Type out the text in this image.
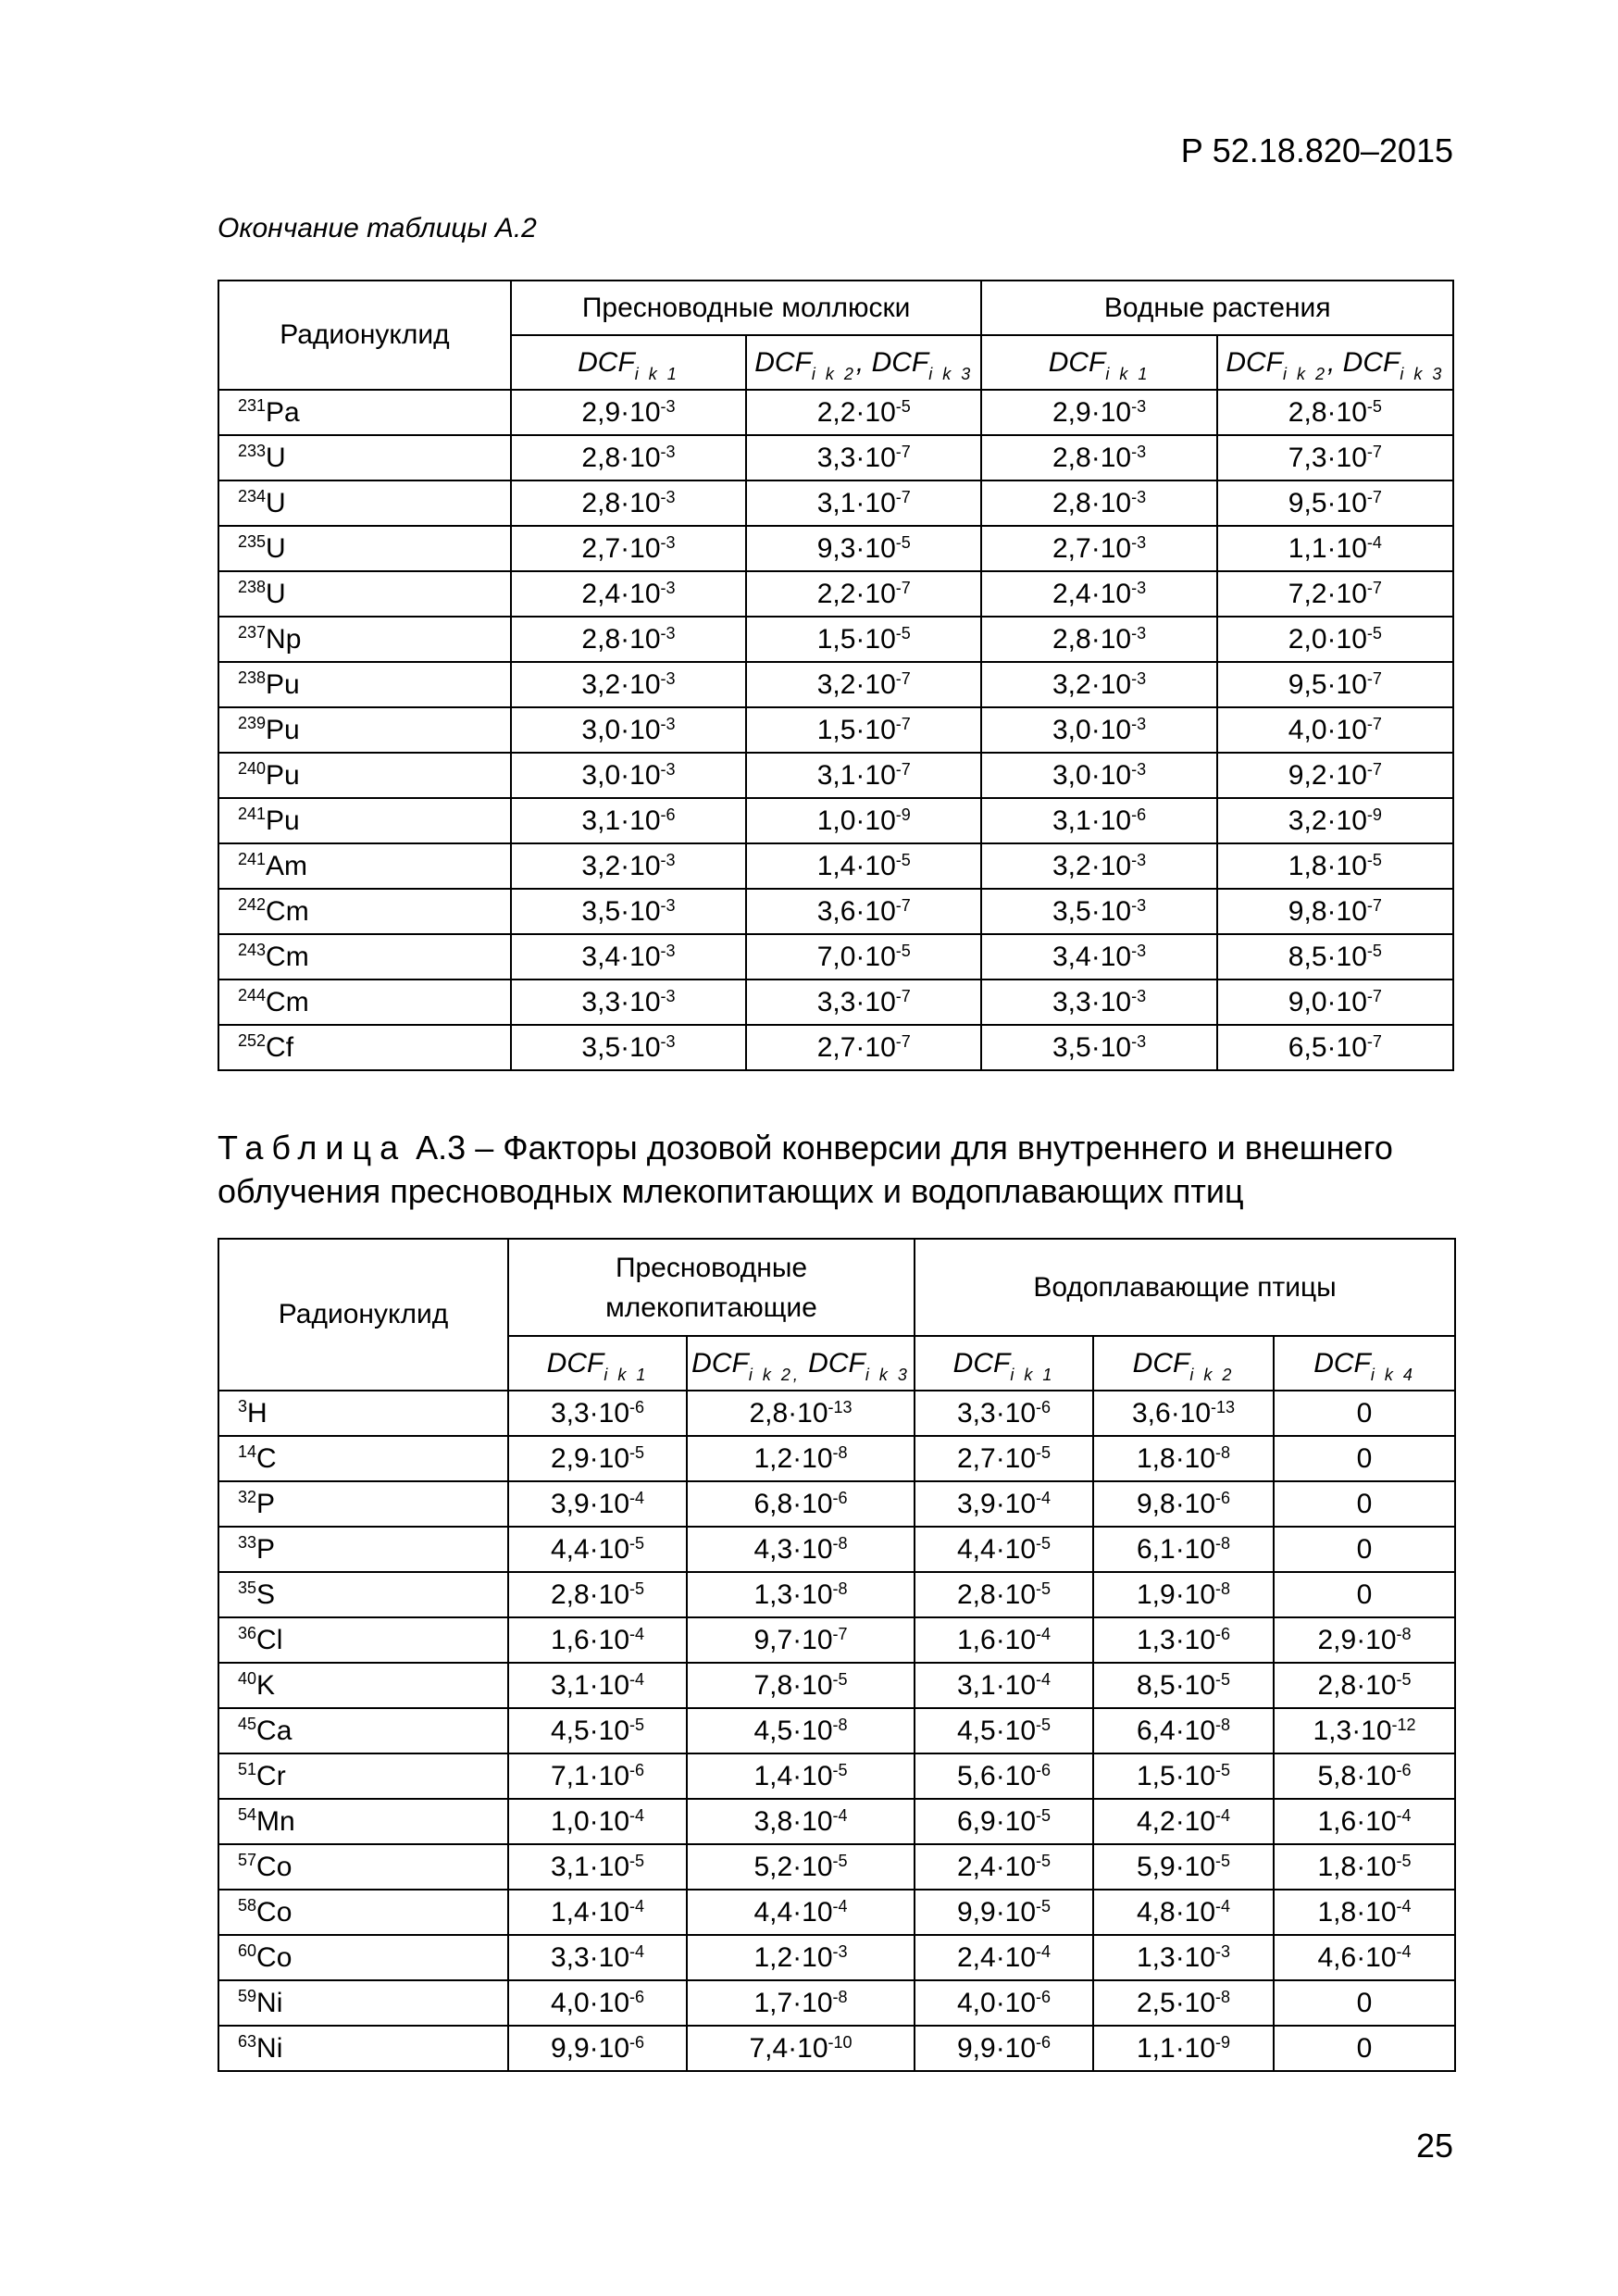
Р 52.18.820–2015
Окончание таблицы А.2
Радионуклид	Пресноводные моллюски		Водные растения	
	$DCF_{i k 1}$	$DCF_{i k 2}$, $DCF_{i k 3}$	$DCF_{i k 1}$	$DCF_{i k 2}$, $DCF_{i k 3}$
$^{231}$Pa	$2,9\cdot 10^{-3}$	$2,2\cdot 10^{-5}$	$2,9\cdot 10^{-3}$	$2,8\cdot 10^{-5}$
$^{233}$U	$2,8\cdot 10^{-3}$	$3,3\cdot 10^{-7}$	$2,8\cdot 10^{-3}$	$7,3\cdot 10^{-7}$
$^{234}$U	$2,8\cdot 10^{-3}$	$3,1\cdot 10^{-7}$	$2,8\cdot 10^{-3}$	$9,5\cdot 10^{-7}$
$^{235}$U	$2,7\cdot 10^{-3}$	$9,3\cdot 10^{-5}$	$2,7\cdot 10^{-3}$	$1,1\cdot 10^{-4}$
$^{238}$U	$2,4\cdot 10^{-3}$	$2,2\cdot 10^{-7}$	$2,4\cdot 10^{-3}$	$7,2\cdot 10^{-7}$
$^{237}$Np	$2,8\cdot 10^{-3}$	$1,5\cdot 10^{-5}$	$2,8\cdot 10^{-3}$	$2,0\cdot 10^{-5}$
$^{238}$Pu	$3,2\cdot 10^{-3}$	$3,2\cdot 10^{-7}$	$3,2\cdot 10^{-3}$	$9,5\cdot 10^{-7}$
$^{239}$Pu	$3,0\cdot 10^{-3}$	$1,5\cdot 10^{-7}$	$3,0\cdot 10^{-3}$	$4,0\cdot 10^{-7}$
$^{240}$Pu	$3,0\cdot 10^{-3}$	$3,1\cdot 10^{-7}$	$3,0\cdot 10^{-3}$	$9,2\cdot 10^{-7}$
$^{241}$Pu	$3,1\cdot 10^{-6}$	$1,0\cdot 10^{-9}$	$3,1\cdot 10^{-6}$	$3,2\cdot 10^{-9}$
$^{241}$Am	$3,2\cdot 10^{-3}$	$1,4\cdot 10^{-5}$	$3,2\cdot 10^{-3}$	$1,8\cdot 10^{-5}$
$^{242}$Cm	$3,5\cdot 10^{-3}$	$3,6\cdot 10^{-7}$	$3,5\cdot 10^{-3}$	$9,8\cdot 10^{-7}$
$^{243}$Cm	$3,4\cdot 10^{-3}$	$7,0\cdot 10^{-5}$	$3,4\cdot 10^{-3}$	$8,5\cdot 10^{-5}$
$^{244}$Cm	$3,3\cdot 10^{-3}$	$3,3\cdot 10^{-7}$	$3,3\cdot 10^{-3}$	$9,0\cdot 10^{-7}$
$^{252}$Cf	$3,5\cdot 10^{-3}$	$2,7\cdot 10^{-7}$	$3,5\cdot 10^{-3}$	$6,5\cdot 10^{-7}$
Таблица А.3 – Факторы дозовой конверсии для внутреннего и внешнего облучения пресноводных млекопитающих и водоплавающих птиц
Радионуклид	Пресноводные млекопитающие		Водоплавающие птицы		
	$DCF_{i k 1}$	$DCF_{i k 2,}$ $DCF_{i k 3}$	$DCF_{i k 1}$	$DCF_{i k 2}$	$DCF_{i k 4}$
$^3$H	$3,3\cdot 10^{-6}$	$2,8\cdot 10^{-13}$	$3,3\cdot 10^{-6}$	$3,6\cdot 10^{-13}$	0
$^{14}$C	$2,9\cdot 10^{-5}$	$1,2\cdot 10^{-8}$	$2,7\cdot 10^{-5}$	$1,8\cdot 10^{-8}$	0
$^{32}$P	$3,9\cdot 10^{-4}$	$6,8\cdot 10^{-6}$	$3,9\cdot 10^{-4}$	$9,8\cdot 10^{-6}$	0
$^{33}$P	$4,4\cdot 10^{-5}$	$4,3\cdot 10^{-8}$	$4,4\cdot 10^{-5}$	$6,1\cdot 10^{-8}$	0
$^{35}$S	$2,8\cdot 10^{-5}$	$1,3\cdot 10^{-8}$	$2,8\cdot 10^{-5}$	$1,9\cdot 10^{-8}$	0
$^{36}$Cl	$1,6\cdot 10^{-4}$	$9,7\cdot 10^{-7}$	$1,6\cdot 10^{-4}$	$1,3\cdot 10^{-6}$	$2,9\cdot 10^{-8}$
$^{40}$K	$3,1\cdot 10^{-4}$	$7,8\cdot 10^{-5}$	$3,1\cdot 10^{-4}$	$8,5\cdot 10^{-5}$	$2,8\cdot 10^{-5}$
$^{45}$Ca	$4,5\cdot 10^{-5}$	$4,5\cdot 10^{-8}$	$4,5\cdot 10^{-5}$	$6,4\cdot 10^{-8}$	$1,3\cdot 10^{-12}$
$^{51}$Cr	$7,1\cdot 10^{-6}$	$1,4\cdot 10^{-5}$	$5,6\cdot 10^{-6}$	$1,5\cdot 10^{-5}$	$5,8\cdot 10^{-6}$
$^{54}$Mn	$1,0\cdot 10^{-4}$	$3,8\cdot 10^{-4}$	$6,9\cdot 10^{-5}$	$4,2\cdot 10^{-4}$	$1,6\cdot 10^{-4}$
$^{57}$Co	$3,1\cdot 10^{-5}$	$5,2\cdot 10^{-5}$	$2,4\cdot 10^{-5}$	$5,9\cdot 10^{-5}$	$1,8\cdot 10^{-5}$
$^{58}$Co	$1,4\cdot 10^{-4}$	$4,4\cdot 10^{-4}$	$9,9\cdot 10^{-5}$	$4,8\cdot 10^{-4}$	$1,8\cdot 10^{-4}$
$^{60}$Co	$3,3\cdot 10^{-4}$	$1,2\cdot 10^{-3}$	$2,4\cdot 10^{-4}$	$1,3\cdot 10^{-3}$	$4,6\cdot 10^{-4}$
$^{59}$Ni	$4,0\cdot 10^{-6}$	$1,7\cdot 10^{-8}$	$4,0\cdot 10^{-6}$	$2,5\cdot 10^{-8}$	0
$^{63}$Ni	$9,9\cdot 10^{-6}$	$7,4\cdot 10^{-10}$	$9,9\cdot 10^{-6}$	$1,1\cdot 10^{-9}$	0
25
